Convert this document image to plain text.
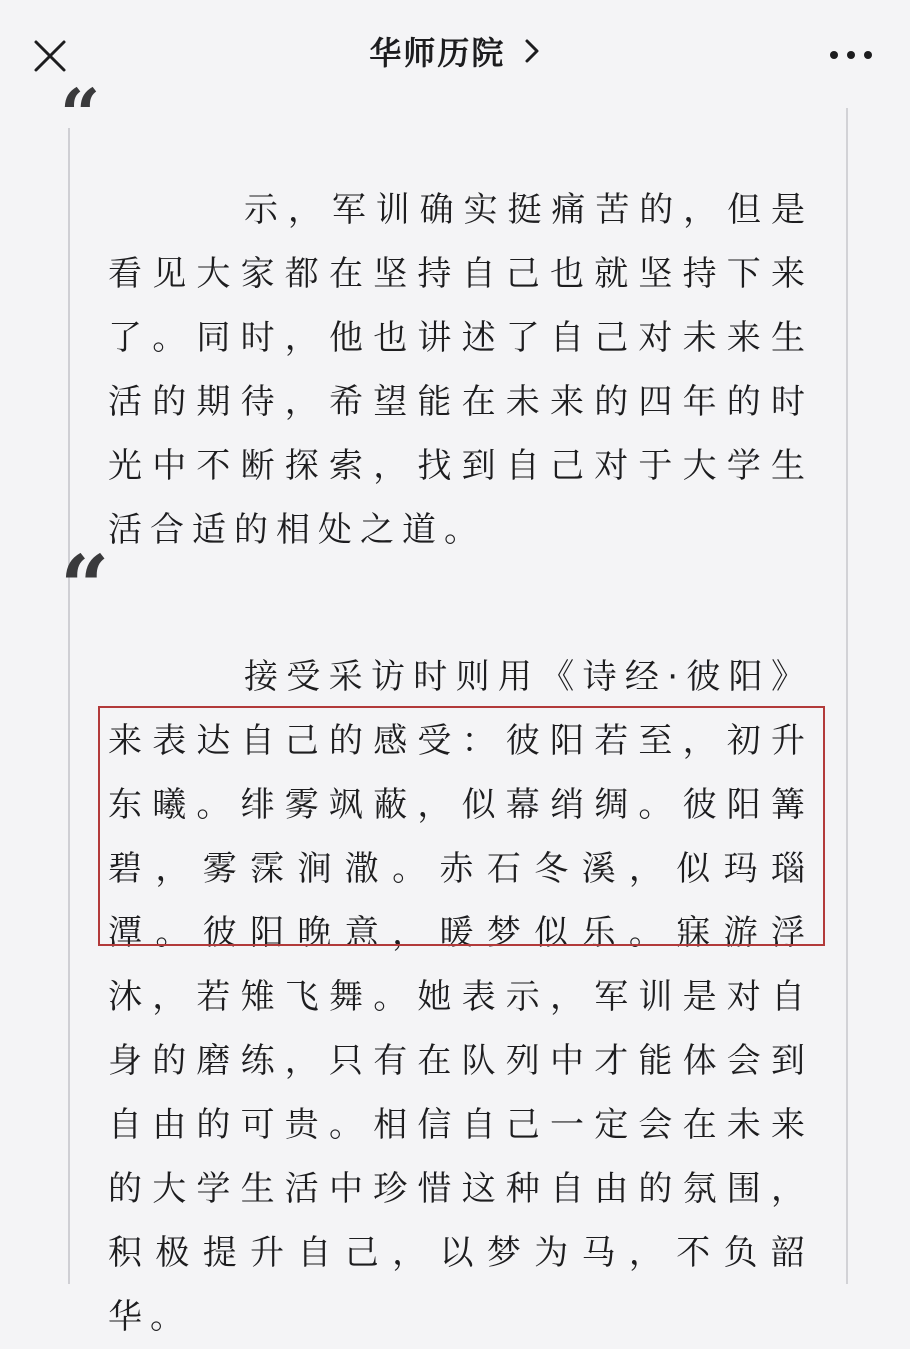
华师历院
“
“
示，军训确实挺痛苦的，但是看见大家都在坚持自己也就坚持下来了。同时，他也讲述了自己对未来生活的期待，希望能在未来的四年的时光中不断探索，找到自己对于大学生活合适的相处之道。
接受采访时则用《诗经·彼阳》来表达自己的感受：彼阳若至，初升东曦。绯雾飒蔽，似幕绡绸。彼阳篝碧，雾霂涧潵。赤石冬溪，似玛瑙潭。彼阳晚意，暖梦似乐。寐游浮沐，若雉飞舞。她表示，军训是对自身的磨练，只有在队列中才能体会到自由的可贵。相信自己一定会在未来的大学生活中珍惜这种自由的氛围，积极提升自己，以梦为马，不负韶华。
